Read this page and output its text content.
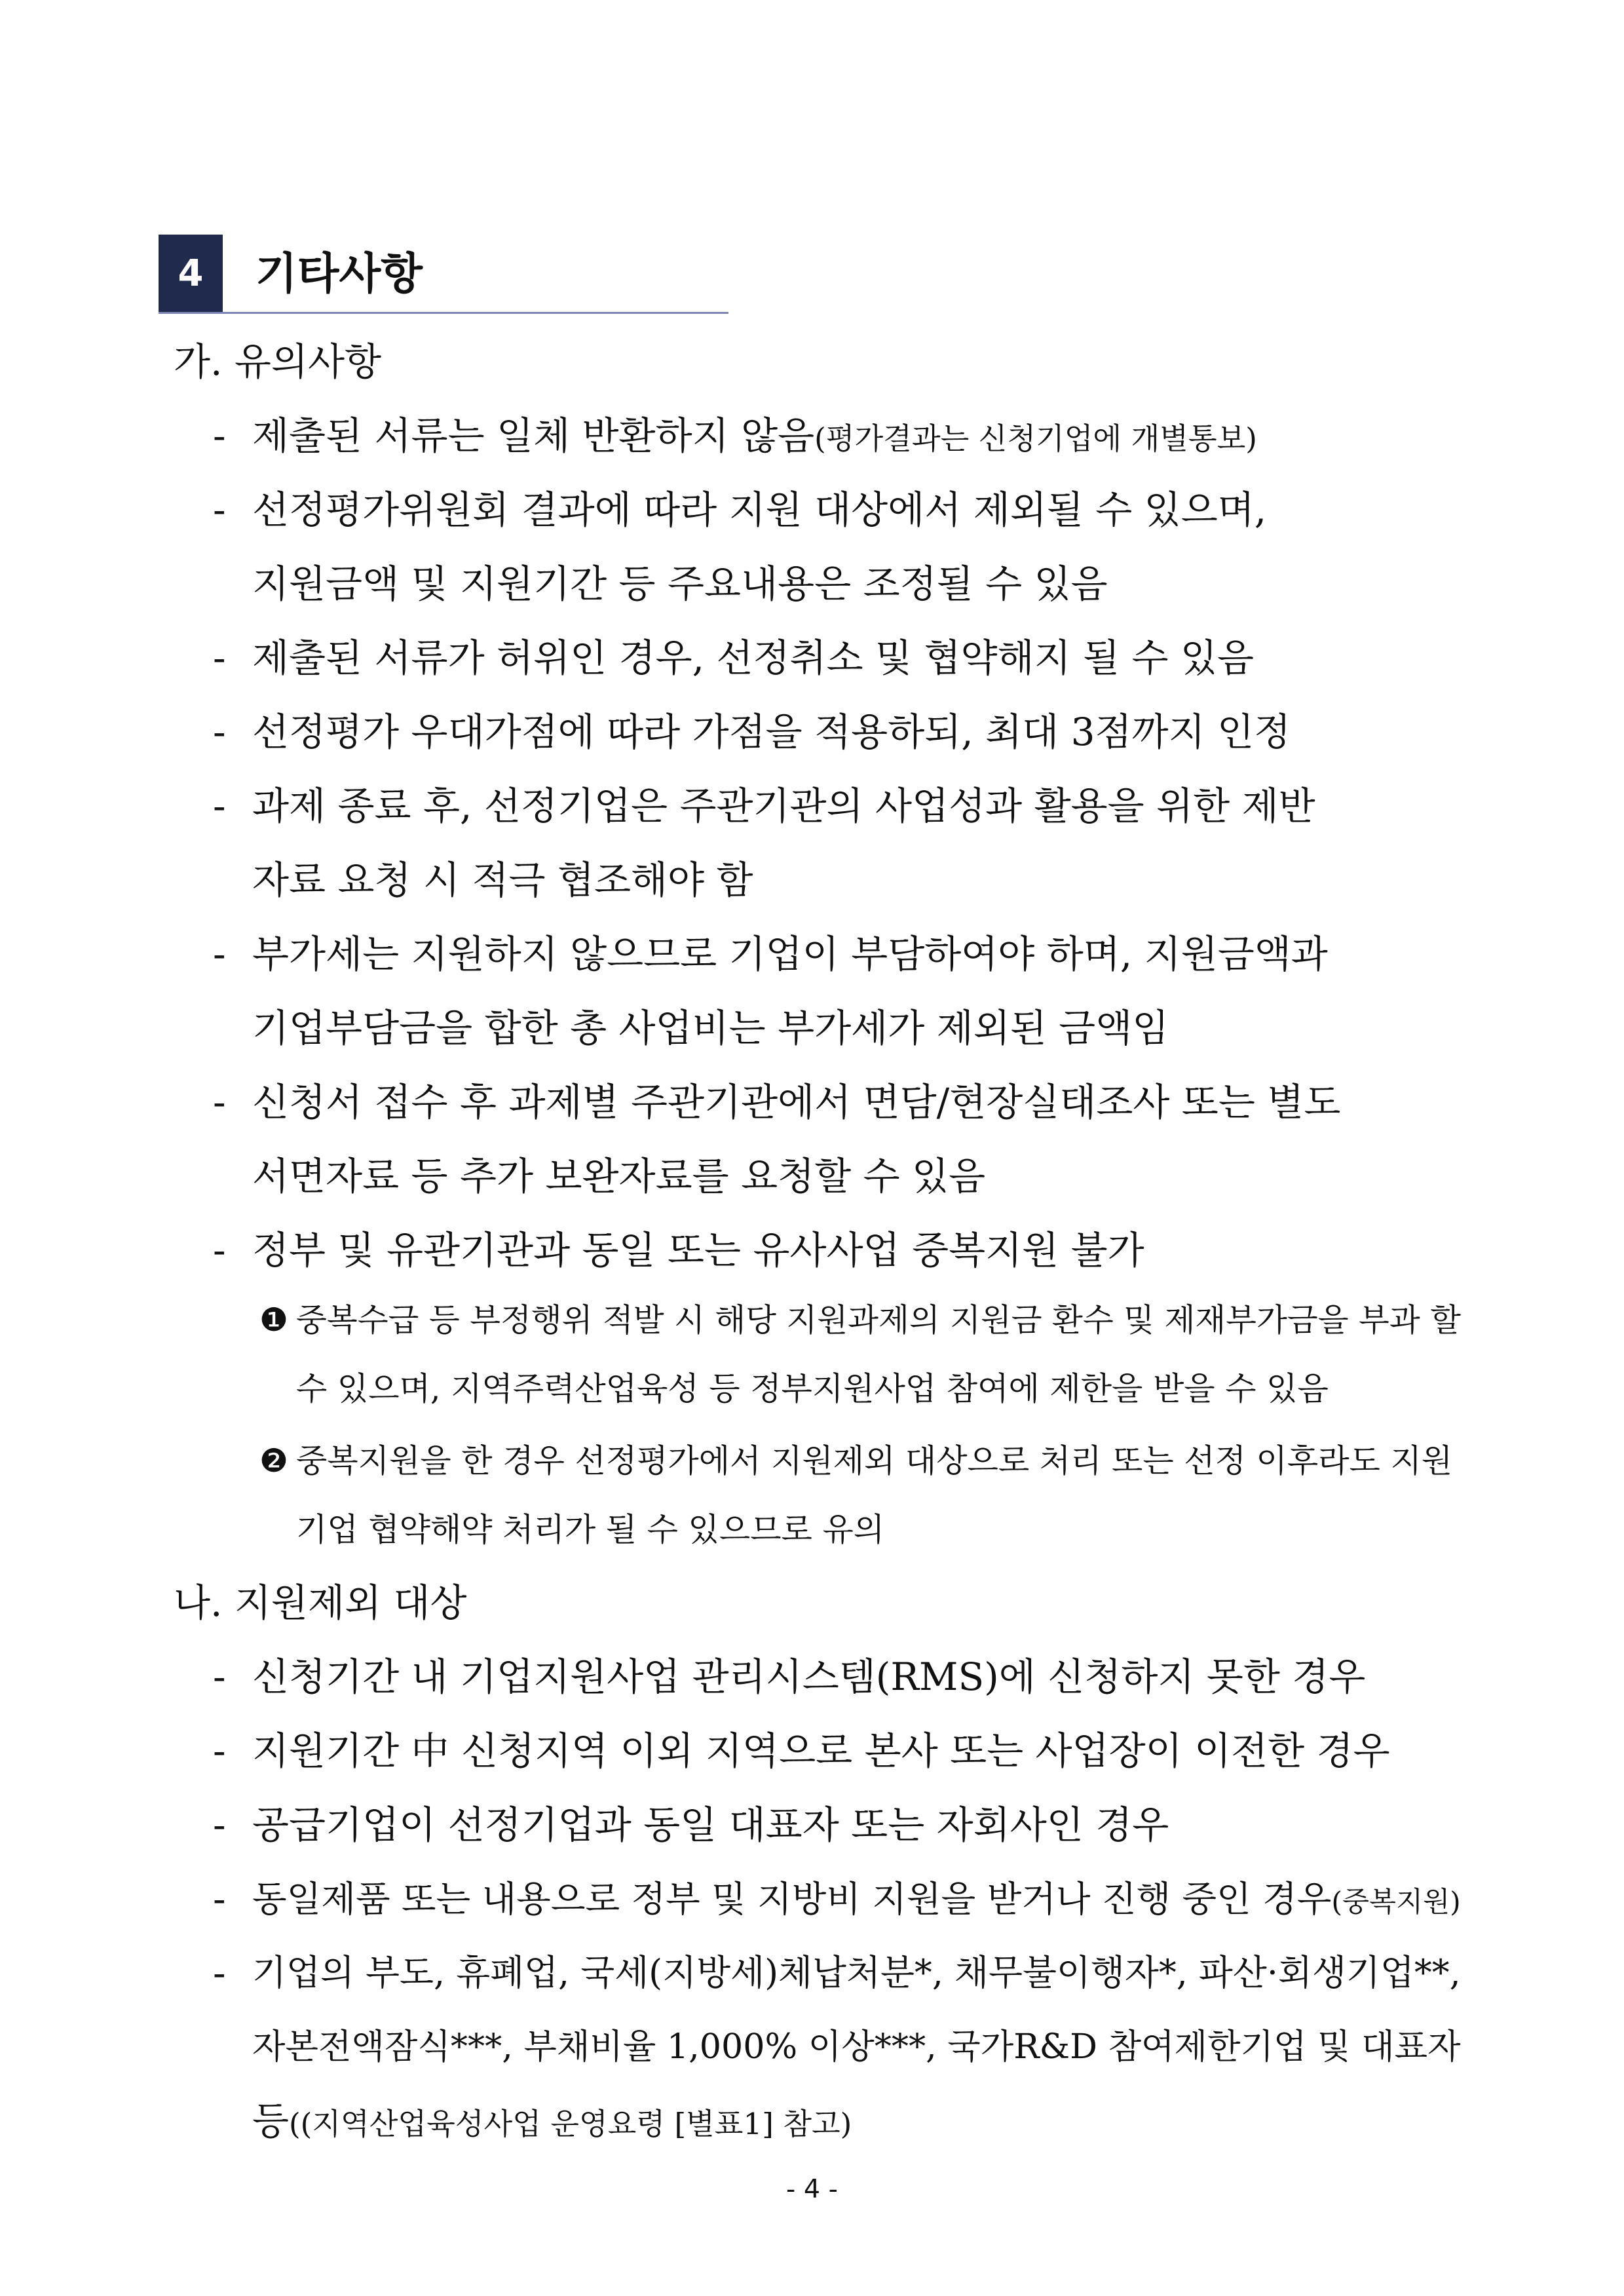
4	기타사항
가. 유의사항
- 제출된 서류는 일체 반환하지 않음(평가결과는 신청기업에 개별통보)
- 선정평가위원회 결과에 따라 지원 대상에서 제외될 수 있으며,
지원금액 및 지원기간 등 주요내용은 조정될 수 있음
- 제출된 서류가 허위인 경우, 선정취소 및 협약해지 될 수 있음
- 선정평가 우대가점에 따라 가점을 적용하되, 최대 3점까지 인정
- 과제 종료 후, 선정기업은 주관기관의 사업성과 활용을 위한 제반
자료 요청 시 적극 협조해야 함
- 부가세는 지원하지 않으므로 기업이 부담하여야 하며, 지원금액과
기업부담금을 합한 총 사업비는 부가세가 제외된 금액임
- 신청서 접수 후 과제별 주관기관에서 면담/현장실태조사 또는 별도
서면자료 등 추가 보완자료를 요청할 수 있음
- 정부 및 유관기관과 동일 또는 유사사업 중복지원 불가
❶ 중복수급 등 부정행위 적발 시 해당 지원과제의 지원금 환수 및 제재부가금을 부과 할
수 있으며, 지역주력산업육성 등 정부지원사업 참여에 제한을 받을 수 있음
❷ 중복지원을 한 경우 선정평가에서 지원제외 대상으로 처리 또는 선정 이후라도 지원
기업 협약해약 처리가 될 수 있으므로 유의
나. 지원제외 대상
- 신청기간 내 기업지원사업 관리시스템(RMS)에 신청하지 못한 경우
- 지원기간 中 신청지역 이외 지역으로 본사 또는 사업장이 이전한 경우
- 공급기업이 선정기업과 동일 대표자 또는 자회사인 경우
- 동일제품 또는 내용으로 정부 및 지방비 지원을 받거나 진행 중인 경우(중복지원)
- 기업의 부도, 휴폐업, 국세(지방세)체납처분*, 채무불이행자*, 파산·회생기업**,
자본전액잠식***, 부채비율 1,000% 이상***, 국가R&D 참여제한기업 및 대표자
등((지역산업육성사업 운영요령 [별표1] 참고)
- 4 -
